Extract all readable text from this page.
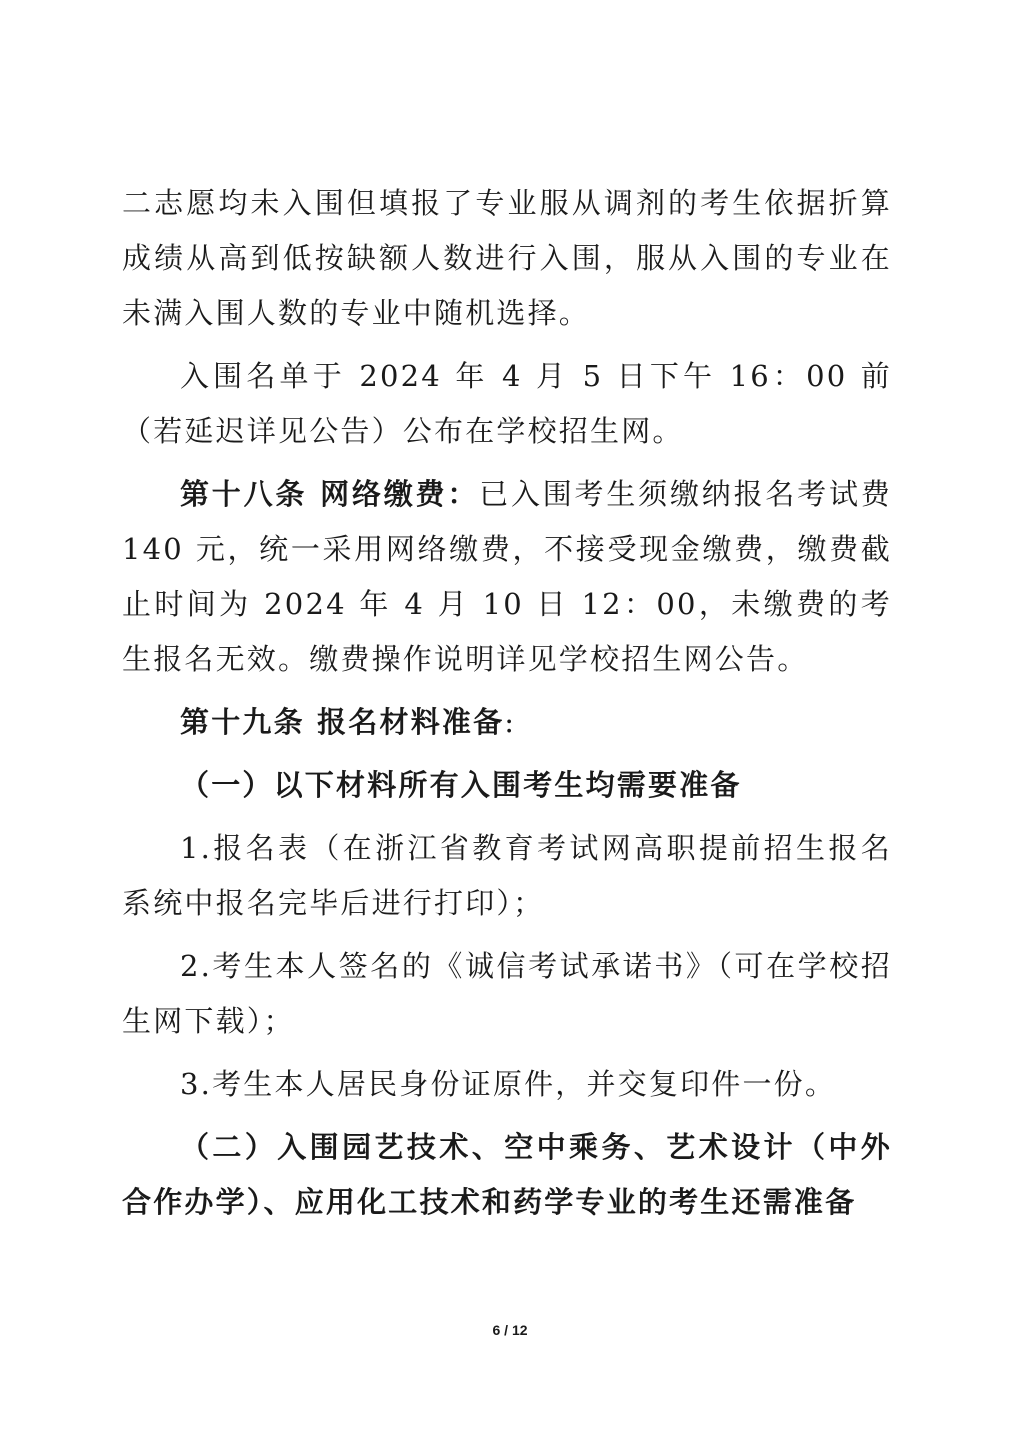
二志愿均未入围但填报了专业服从调剂的考生依据折算成绩从高到低按缺额人数进行入围，服从入围的专业在未满入围人数的专业中随机选择。

入围名单于 2024 年 4 月 5 日下午 16：00 前（若延迟详见公告）公布在学校招生网。

第十八条 网络缴费：已入围考生须缴纳报名考试费 140 元，统一采用网络缴费，不接受现金缴费，缴费截止时间为 2024 年 4 月 10 日 12：00，未缴费的考生报名无效。缴费操作说明详见学校招生网公告。

第十九条 报名材料准备:

（一）以下材料所有入围考生均需要准备

1.报名表（在浙江省教育考试网高职提前招生报名系统中报名完毕后进行打印）；

2.考生本人签名的《诚信考试承诺书》（可在学校招生网下载）；

3.考生本人居民身份证原件，并交复印件一份。

（二）入围园艺技术、空中乘务、艺术设计（中外合作办学）、应用化工技术和药学专业的考生还需准备

6 / 12
